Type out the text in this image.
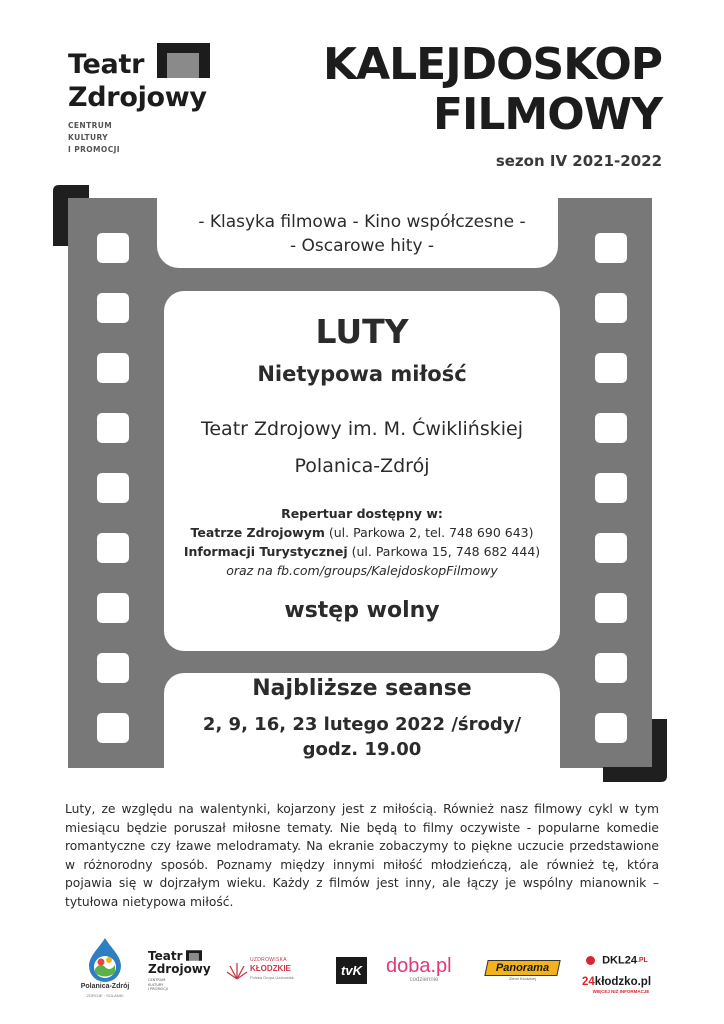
Teatr
Zdrojowy
CENTRUM
KULTURY
I PROMOCJI
KALEJDOSKOP
FILMOWY
sezon IV 2021-2022
- Klasyka filmowa - Kino współczesne -
- Oscarowe hity -
LUTY
Nietypowa miłość
Teatr Zdrojowy im. M. Ćwiklińskiej
Polanica-Zdrój
Repertuar dostępny w:
Teatrze Zdrojowym (ul. Parkowa 2, tel. 748 690 643)
Informacji Turystycznej (ul. Parkowa 15, 748 682 444)
oraz na fb.com/groups/KalejdoskopFilmowy
wstęp wolny
Najbliższe seanse
2, 9, 16, 23 lutego 2022 /środy/
godz. 19.00
Luty, ze względu na walentynki, kojarzony jest z miłością. Również nasz filmowy cykl w tym miesiącu będzie poruszał miłosne tematy. Nie będą to filmy oczywiste - popularne komedie romantyczne czy łzawe melodramaty. Na ekranie zobaczymy to piękne uczucie przedstawione w różnorodny sposób. Poznamy między innymi miłość młodzieńczą, ale również tę, która pojawia się w dojrzałym wieku. Każdy z filmów jest inny, ale łączy je wspólny mianownik – tytułowa nietypowa miłość.
Polanica-Zdrój
ZDROJE · SOLANKI
Teatr
Zdrojowy
CENTRUM
KULTURY
I PROMOCJI
UZDROWISKA
KŁODZKIE
Polska Grupa Uzdrowisk	tvK doba.pl
codziennie
Panorama
Ziemi Kłodzkiej
DKL24.PL
24kłodzko.pl
WIĘCEJ NIŻ INFORMACJE
